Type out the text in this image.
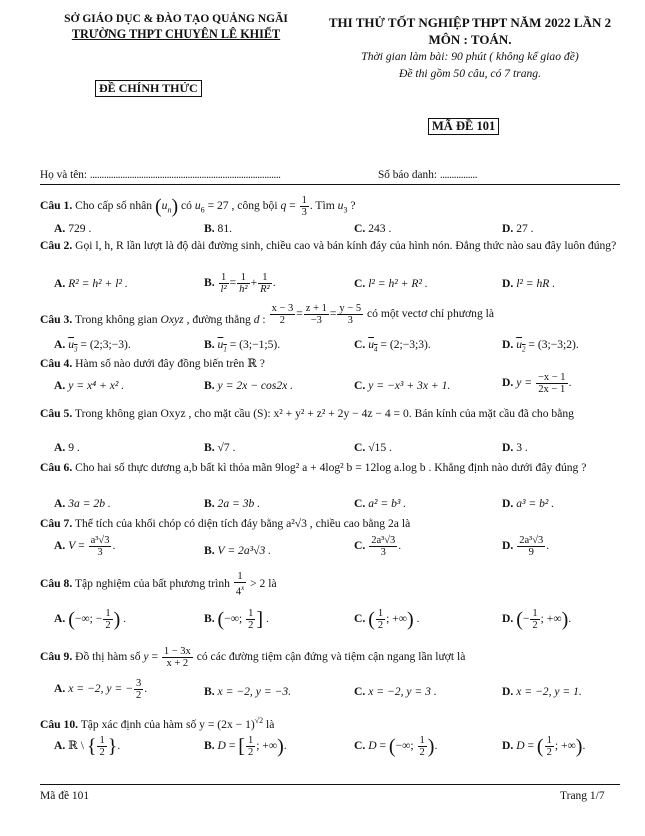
SỞ GIÁO DỤC & ĐÀO TẠO QUẢNG NGÃI
TRƯỜNG THPT CHUYÊN LÊ KHIẾT
ĐỀ CHÍNH THỨC
THI THỬ TỐT NGHIỆP THPT NĂM 2022 LẦN 2
MÔN : TOÁN.
Thời gian làm bài: 90 phút ( không kể giao đề)
Đề thi gồm 50 câu, có 7 trang.
MÃ ĐỀ 101
Họ và tên: ..................................................................................	Số báo danh: ................
Câu 1. Cho cấp số nhân $(u_n)$ có $u_6 = 27$ , công bội $q = \frac{1}{3}$ . Tìm $u_3$ ?
A. 729 .	B. 81.	C. 243 .	D. 27 .
Câu 2. Gọi l, h, R lần lượt là độ dài đường sinh, chiều cao và bán kính đáy của hình nón. Đẳng thức nào sau đây luôn đúng?
A. R² = h² + l² .	B. $\frac{1}{\text{l²}} = \frac{1}{\text{h²}} + \frac{1}{\text{R²}}$ .	C. l² = h² + R² .	D. l² = hR .
Câu 3. Trong không gian Oxyz , đường thẳng d : $\frac{x - 3}{2} = \frac{z + 1}{-3} = \frac{y - 5}{3}$ có một vectơ chỉ phương là
A. $u_3$ = (2;3;−3).	B. $u_1$ = (3;−1;5).	C. $u_4$ = (2;−3;3).	D. $u_2$ = (3;−3;2).
Câu 4. Hàm số nào dưới đây đồng biến trên ℝ ?
A. y = x⁴ + x² .	B. y = 2x − cos2x .	C. y = −x³ + 3x + 1.	D. $y = \frac{-x - 1}{2x - 1}$ .
Câu 5. Trong không gian Oxyz , cho mặt cầu (S): x² + y² + z² + 2y − 4z − 4 = 0. Bán kính của mặt cầu đã cho bằng
A. 9 .	B. √7 .	C. √15 .	D. 3 .
Câu 6. Cho hai số thực dương a,b bất kì thỏa mãn 9log² a + 4log² b = 12log a.log b . Khẳng định nào dưới đây đúng ?
A. 3a = 2b .	B. 2a = 3b .	C. a² = b³ .	D. a³ = b² .
Câu 7. Thể tích của khối chóp có diện tích đáy bằng a²√3 , chiều cao bằng 2a là
A. $V = \frac{\text{a³√3}}{3}$ .	B. V = 2a³√3 .	C. $\frac{\text{2a³√3}}{3}$ .	D. $\frac{\text{2a³√3}}{9}$ .
Câu 8. Tập nghiệm của bất phương trình $\frac{1}{4^x} > 2$ là
A. (−∞; − $\frac{1}{2}$ ) .	B. (−∞; $\frac{1}{2}$ ] .	C. ( $\frac{1}{2}$ ; +∞) .	D. (− $\frac{1}{2}$ ; +∞).
Câu 9. Đồ thị hàm số $y = \frac{1 - 3x}{x + 2}$ có các đường tiệm cận đứng và tiệm cận ngang lần lượt là
A. x = −2, y = − $\frac{3}{2}$ .	B. x = −2, y = −3.	C. x = −2, y = 3 .	D. x = −2, y = 1.
Câu 10. Tập xác định của hàm số $y = (2x - 1)^{√2}$ là
A. ℝ \ { $\frac{1}{2}$ }.	B. D = [ $\frac{1}{2}$ ; +∞).	C. D = (−∞; $\frac{1}{2}$ ).	D. D = ( $\frac{1}{2}$ ; +∞).
Mã đề 101	Trang 1/7
